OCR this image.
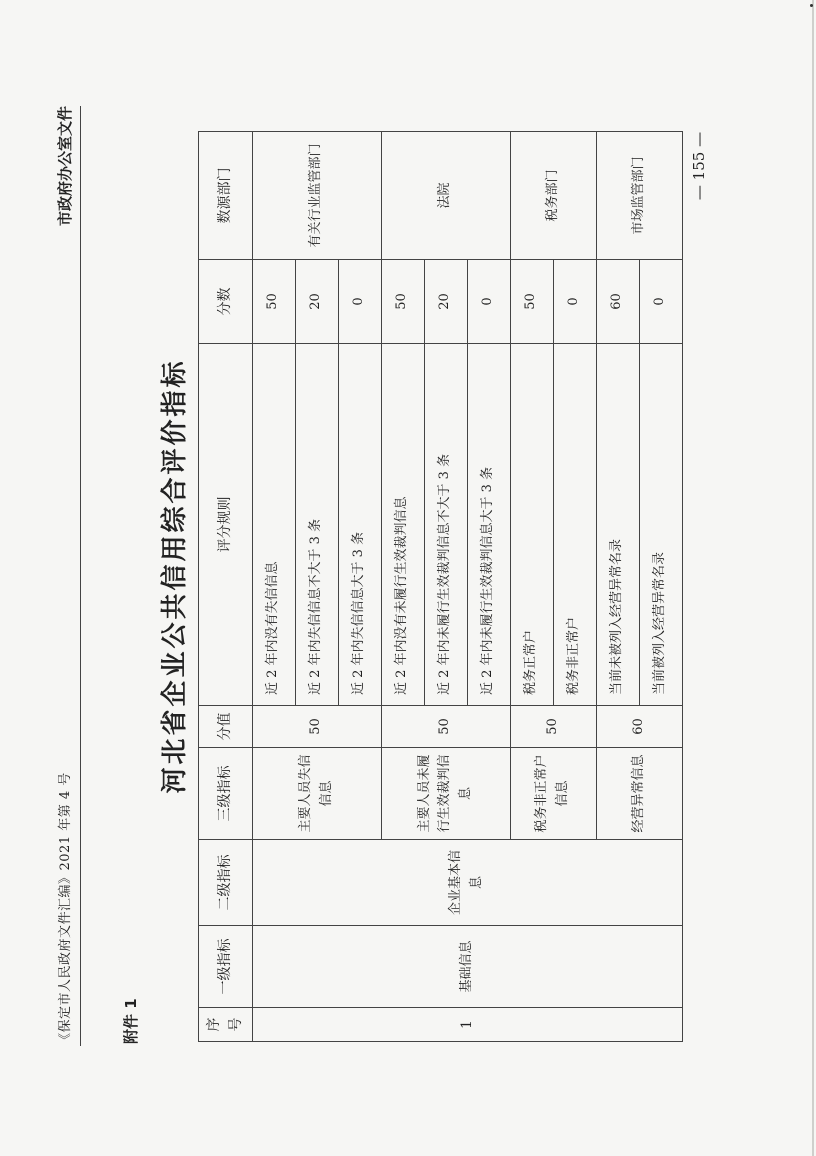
《保定市人民政府文件汇编》2021 年第 4 号
市政府办公室文件
附件 1
河北省企业公共信用综合评价指标
序号	一级指标	二级指标	三级指标	分值	评分规则	分数	数源部门
1	基础信息	企业基本信息	主要人员失信信息	50	近 2 年内没有失信信息	50	有关行业监管部门
					近 2 年内失信信息不大于 3 条	20	
					近 2 年内失信信息大于 3 条	0	
			主要人员未履行生效裁判信息	50	近 2 年内没有未履行生效裁判信息	50	法院
					近 2 年内未履行生效裁判信息不大于 3 条	20	
					近 2 年内未履行生效裁判信息大于 3 条	0	
			税务非正常户信息	50	税务正常户	50	税务部门
					税务非正常户	0	
			经营异常信息	60	当前未被列入经营异常名录	60	市场监管部门
					当前被列入经营异常名录	0	
— 155 —
